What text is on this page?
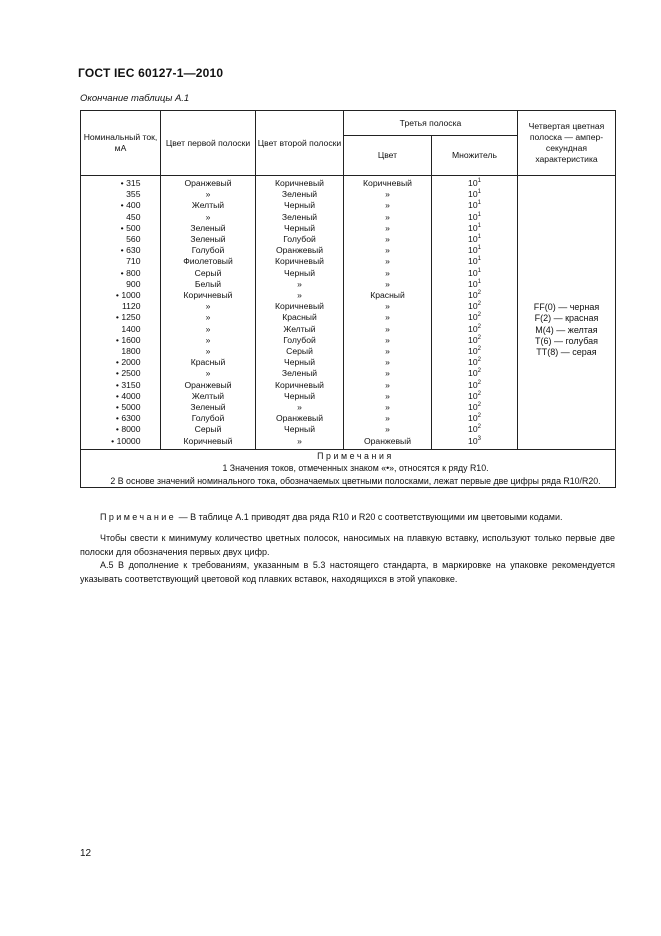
ГОСТ IEC 60127-1—2010
Окончание таблицы А.1
Номинальный ток, мА	Цвет первой полоски	Цвет второй полоски	Третья полоска		Четвертая цветная полоска — ампер-секундная характеристика
			Цвет	Множитель	
• 315	Оранжевый	Коричневый	Коричневый	$10^1$	FF(0) — черная
F(2) — красная
M(4) — желтая
T(6) — голубая
TT(8) — серая

355	»	Зеленый	»	$10^1$
• 400	Желтый	Черный	»	$10^1$
450	»	Зеленый	»	$10^1$
• 500	Зеленый	Черный	»	$10^1$
560	Зеленый	Голубой	»	$10^1$
• 630	Голубой	Оранжевый	»	$10^1$
710	Фиолетовый	Коричневый	»	$10^1$
• 800	Серый	Черный	»	$10^1$
900	Белый	»	»	$10^1$
• 1000	Коричневый	»	Красный	$10^2$
1120	»	Коричневый	»	$10^2$
• 1250	»	Красный	»	$10^2$
1400	»	Желтый	»	$10^2$
• 1600	»	Голубой	»	$10^2$
1800	»	Серый	»	$10^2$
• 2000	Красный	Черный	»	$10^2$
• 2500	»	Зеленый	»	$10^2$
• 3150	Оранжевый	Коричневый	»	$10^2$
• 4000	Желтый	Черный	»	$10^2$
• 5000	Зеленый	»	»	$10^2$
• 6300	Голубой	Оранжевый	»	$10^2$
• 8000	Серый	Черный	»	$10^2$
• 10000	Коричневый	»	Оранжевый	$10^3$

Примечания
1 Значения токов, отмеченных знаком «•», относятся к ряду R10.
2 В основе значений номинального тока, обозначаемых цветными полосками, лежат первые две цифры ряда R10/R20.					
Примечание — В таблице А.1 приводят два ряда R10 и R20 с соответствующими им цветовыми кодами.
Чтобы свести к минимуму количество цветных полосок, наносимых на плавкую вставку, используют только первые две полоски для обозначения первых двух цифр.
А.5 В дополнение к требованиям, указанным в 5.3 настоящего стандарта, в маркировке на упаковке рекомендуется указывать соответствующий цветовой код плавких вставок, находящихся в этой упаковке.
12
